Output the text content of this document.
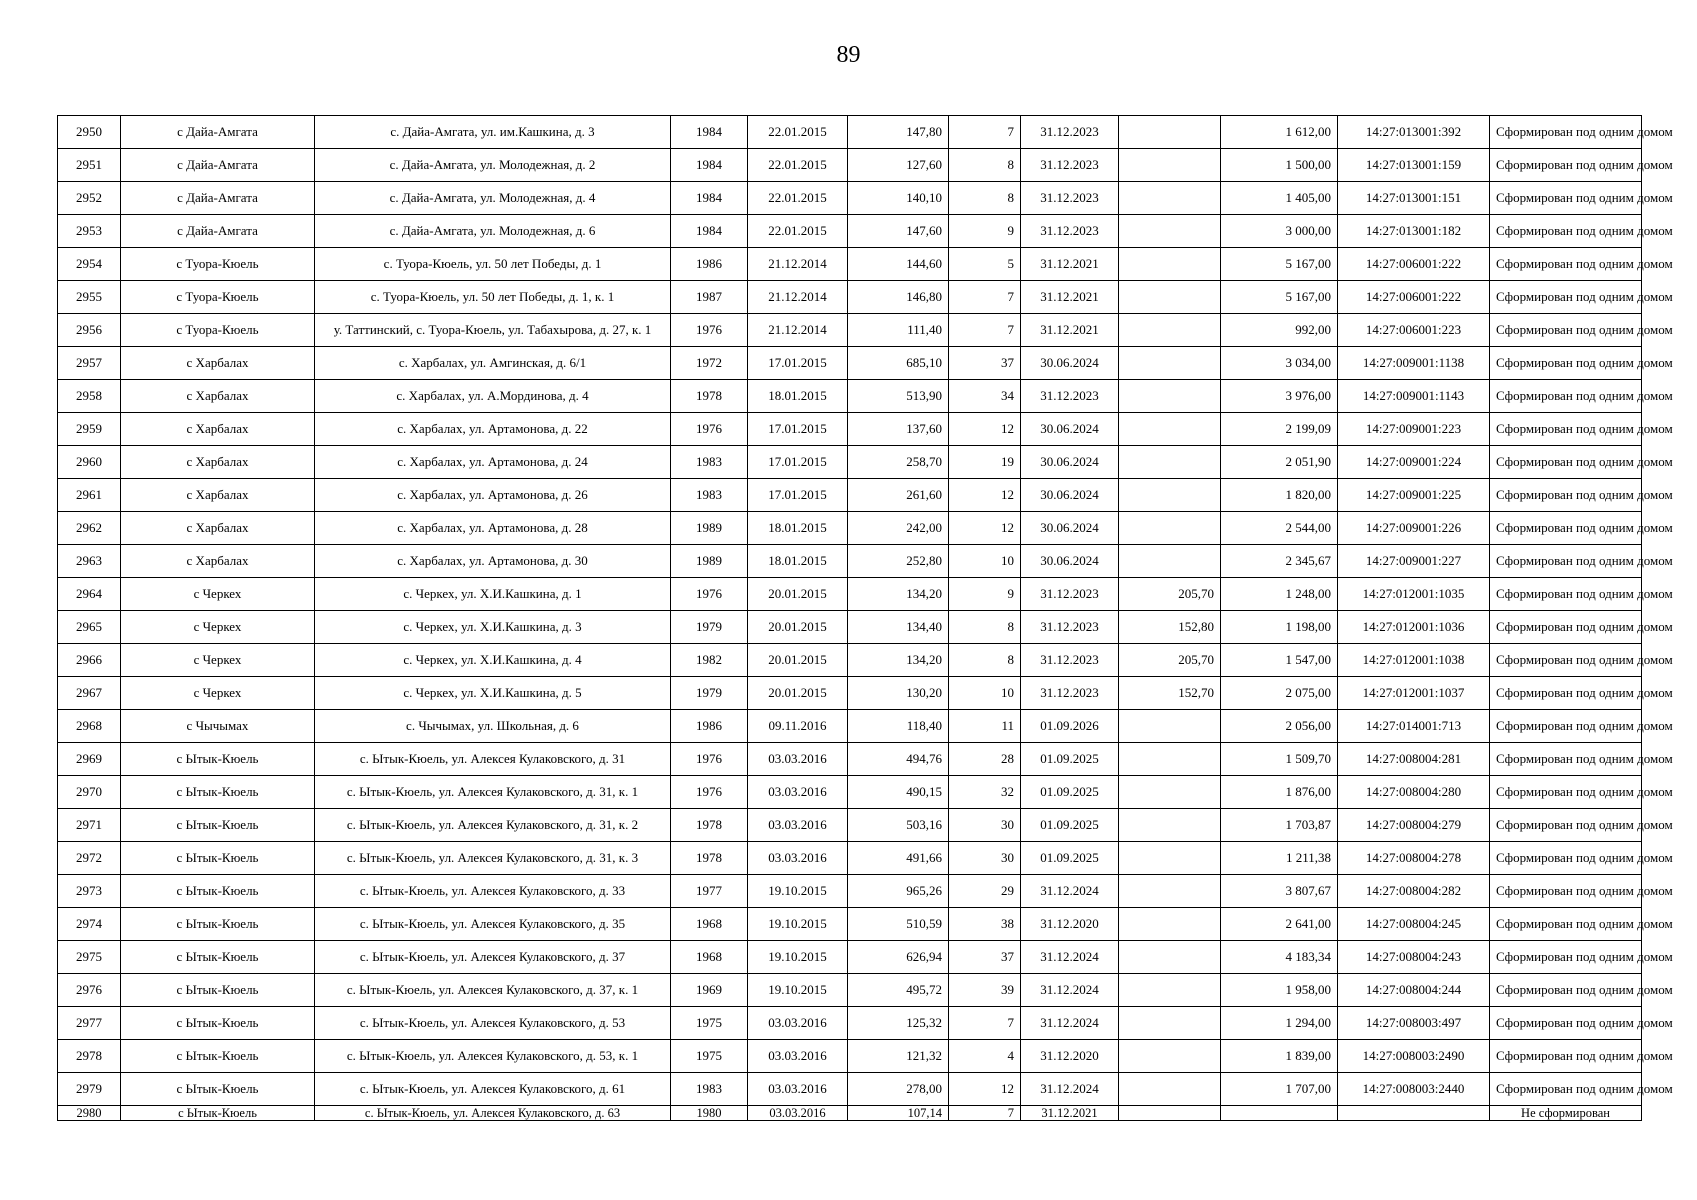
89
2950	с Дайа-Амгата	с. Дайа-Амгата, ул. им.Кашкина, д. 3	1984	22.01.2015	147,80	7	31.12.2023		1 612,00	14:27:013001:392	Сформирован под одним домом
2951	с Дайа-Амгата	с. Дайа-Амгата, ул. Молодежная, д. 2	1984	22.01.2015	127,60	8	31.12.2023		1 500,00	14:27:013001:159	Сформирован под одним домом
2952	с Дайа-Амгата	с. Дайа-Амгата, ул. Молодежная, д. 4	1984	22.01.2015	140,10	8	31.12.2023		1 405,00	14:27:013001:151	Сформирован под одним домом
2953	с Дайа-Амгата	с. Дайа-Амгата, ул. Молодежная, д. 6	1984	22.01.2015	147,60	9	31.12.2023		3 000,00	14:27:013001:182	Сформирован под одним домом
2954	с Туора-Кюель	с. Туора-Кюель, ул. 50 лет Победы, д. 1	1986	21.12.2014	144,60	5	31.12.2021		5 167,00	14:27:006001:222	Сформирован под одним домом
2955	с Туора-Кюель	с. Туора-Кюель, ул. 50 лет Победы, д. 1, к. 1	1987	21.12.2014	146,80	7	31.12.2021		5 167,00	14:27:006001:222	Сформирован под одним домом
2956	с Туора-Кюель	у. Таттинский, с. Туора-Кюель, ул. Табахырова, д. 27, к. 1	1976	21.12.2014	111,40	7	31.12.2021		992,00	14:27:006001:223	Сформирован под одним домом
2957	с Харбалах	с. Харбалах, ул. Амгинская, д. 6/1	1972	17.01.2015	685,10	37	30.06.2024		3 034,00	14:27:009001:1138	Сформирован под одним домом
2958	с Харбалах	с. Харбалах, ул. А.Мординова, д. 4	1978	18.01.2015	513,90	34	31.12.2023		3 976,00	14:27:009001:1143	Сформирован под одним домом
2959	с Харбалах	с. Харбалах, ул. Артамонова, д. 22	1976	17.01.2015	137,60	12	30.06.2024		2 199,09	14:27:009001:223	Сформирован под одним домом
2960	с Харбалах	с. Харбалах, ул. Артамонова, д. 24	1983	17.01.2015	258,70	19	30.06.2024		2 051,90	14:27:009001:224	Сформирован под одним домом
2961	с Харбалах	с. Харбалах, ул. Артамонова, д. 26	1983	17.01.2015	261,60	12	30.06.2024		1 820,00	14:27:009001:225	Сформирован под одним домом
2962	с Харбалах	с. Харбалах, ул. Артамонова, д. 28	1989	18.01.2015	242,00	12	30.06.2024		2 544,00	14:27:009001:226	Сформирован под одним домом
2963	с Харбалах	с. Харбалах, ул. Артамонова, д. 30	1989	18.01.2015	252,80	10	30.06.2024		2 345,67	14:27:009001:227	Сформирован под одним домом
2964	с Черкех	с. Черкех, ул. Х.И.Кашкина, д. 1	1976	20.01.2015	134,20	9	31.12.2023	205,70	1 248,00	14:27:012001:1035	Сформирован под одним домом
2965	с Черкех	с. Черкех, ул. Х.И.Кашкина, д. 3	1979	20.01.2015	134,40	8	31.12.2023	152,80	1 198,00	14:27:012001:1036	Сформирован под одним домом
2966	с Черкех	с. Черкех, ул. Х.И.Кашкина, д. 4	1982	20.01.2015	134,20	8	31.12.2023	205,70	1 547,00	14:27:012001:1038	Сформирован под одним домом
2967	с Черкех	с. Черкех, ул. Х.И.Кашкина, д. 5	1979	20.01.2015	130,20	10	31.12.2023	152,70	2 075,00	14:27:012001:1037	Сформирован под одним домом
2968	с Чычымах	с. Чычымах, ул. Школьная, д. 6	1986	09.11.2016	118,40	11	01.09.2026		2 056,00	14:27:014001:713	Сформирован под одним домом
2969	с Ытык-Кюель	с. Ытык-Кюель, ул. Алексея Кулаковского, д. 31	1976	03.03.2016	494,76	28	01.09.2025		1 509,70	14:27:008004:281	Сформирован под одним домом
2970	с Ытык-Кюель	с. Ытык-Кюель, ул. Алексея Кулаковского, д. 31, к. 1	1976	03.03.2016	490,15	32	01.09.2025		1 876,00	14:27:008004:280	Сформирован под одним домом
2971	с Ытык-Кюель	с. Ытык-Кюель, ул. Алексея Кулаковского, д. 31, к. 2	1978	03.03.2016	503,16	30	01.09.2025		1 703,87	14:27:008004:279	Сформирован под одним домом
2972	с Ытык-Кюель	с. Ытык-Кюель, ул. Алексея Кулаковского, д. 31, к. 3	1978	03.03.2016	491,66	30	01.09.2025		1 211,38	14:27:008004:278	Сформирован под одним домом
2973	с Ытык-Кюель	с. Ытык-Кюель, ул. Алексея Кулаковского, д. 33	1977	19.10.2015	965,26	29	31.12.2024		3 807,67	14:27:008004:282	Сформирован под одним домом
2974	с Ытык-Кюель	с. Ытык-Кюель, ул. Алексея Кулаковского, д. 35	1968	19.10.2015	510,59	38	31.12.2020		2 641,00	14:27:008004:245	Сформирован под одним домом
2975	с Ытык-Кюель	с. Ытык-Кюель, ул. Алексея Кулаковского, д. 37	1968	19.10.2015	626,94	37	31.12.2024		4 183,34	14:27:008004:243	Сформирован под одним домом
2976	с Ытык-Кюель	с. Ытык-Кюель, ул. Алексея Кулаковского, д. 37, к. 1	1969	19.10.2015	495,72	39	31.12.2024		1 958,00	14:27:008004:244	Сформирован под одним домом
2977	с Ытык-Кюель	с. Ытык-Кюель, ул. Алексея Кулаковского, д. 53	1975	03.03.2016	125,32	7	31.12.2024		1 294,00	14:27:008003:497	Сформирован под одним домом
2978	с Ытык-Кюель	с. Ытык-Кюель, ул. Алексея Кулаковского, д. 53, к. 1	1975	03.03.2016	121,32	4	31.12.2020		1 839,00	14:27:008003:2490	Сформирован под одним домом
2979	с Ытык-Кюель	с. Ытык-Кюель, ул. Алексея Кулаковского, д. 61	1983	03.03.2016	278,00	12	31.12.2024		1 707,00	14:27:008003:2440	Сформирован под одним домом
2980	с Ытык-Кюель	с. Ытык-Кюель, ул. Алексея Кулаковского, д. 63	1980	03.03.2016	107,14	7	31.12.2021				Не сформирован
